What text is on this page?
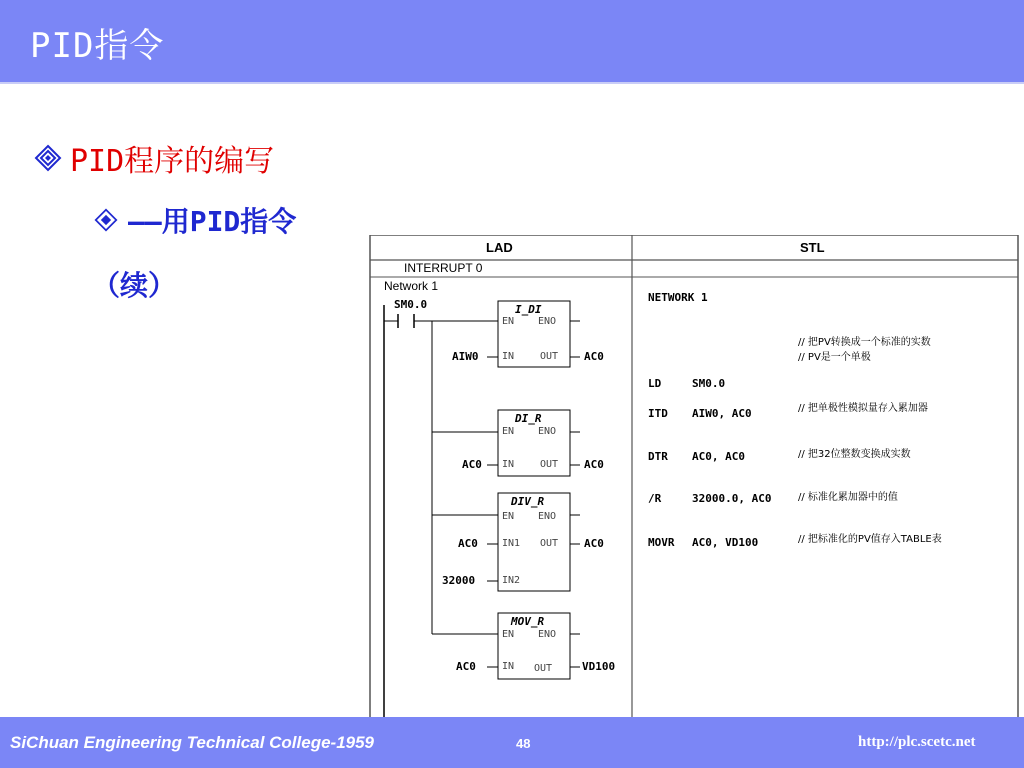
PID指令
PID程序的编写
——用PID指令
（续）
LAD	STL
INTERRUPT 0
Network 1
SM0.0	I_DI
EN ENO
IN	OUT
AIW0	AC0
DI_R
EN ENO
IN	OUT
AC0	AC0
DIV_R
EN ENO
IN1 OUT
IN2
AC0
32000
AC0
MOV_R
EN ENO
IN OUT
AC0	VD100
NETWORK 1
// 把PV转换成一个标准的实数
// PV是一个单极
LD	SM0.0
ITD AIW0, AC0	// 把单极性模拟量存入累加器
DTR AC0, AC0	// 把32位整数变换成实数
/R	32000.0, AC0	// 标准化累加器中的值
MOVR AC0, VD100	// 把标准化的PV值存入TABLE表
SiChuan Engineering Technical College-1959	48	http://plc.scetc.net
